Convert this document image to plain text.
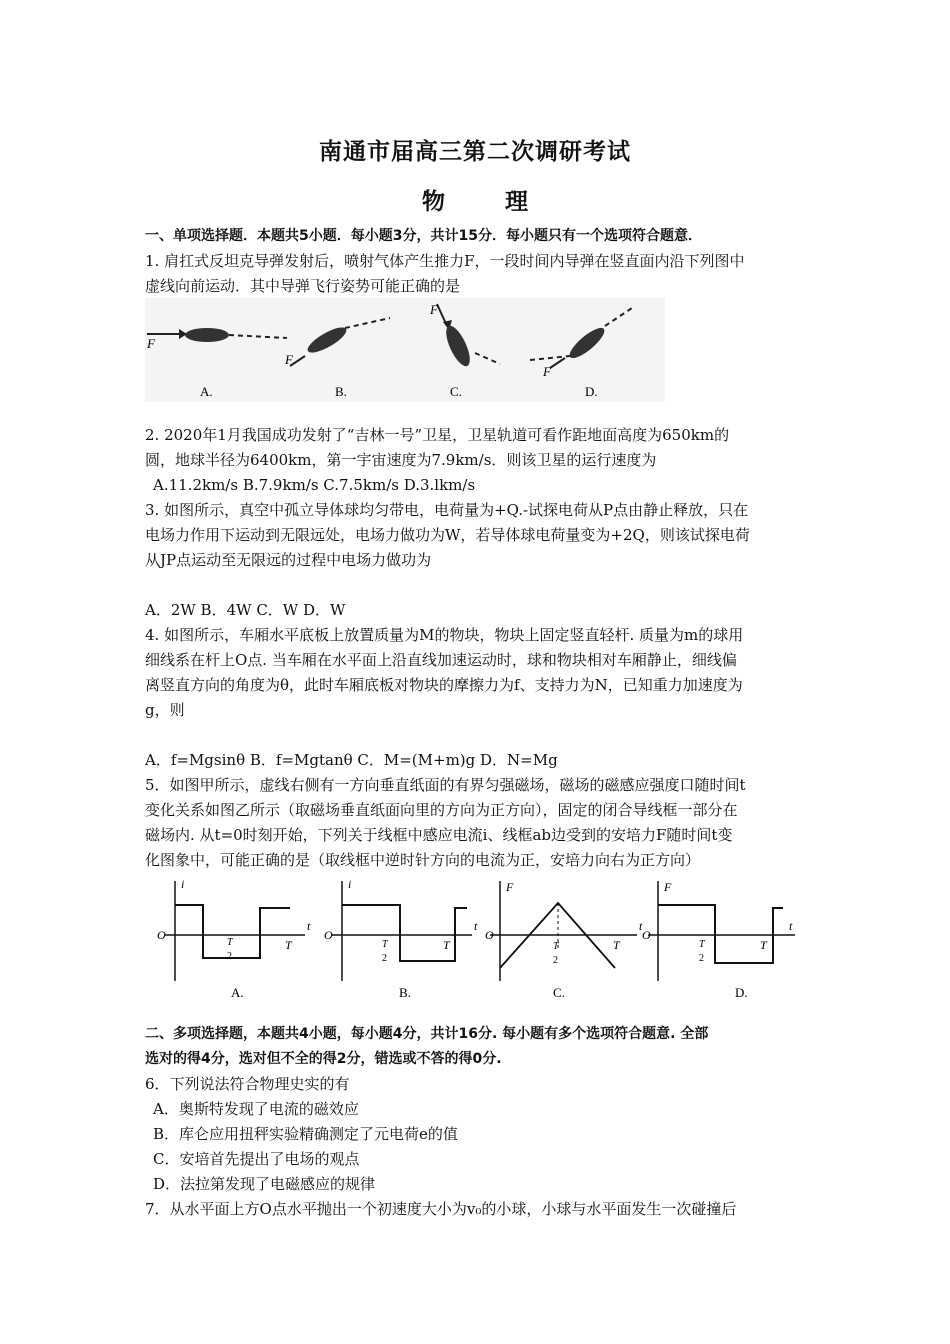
南通市届高三第二次调研考试
物 理
一、单项选择题．本题共5小题．每小题3分，共计15分．每小题只有一个选项符合题意．
1. 肩扛式反坦克导弹发射后，喷射气体产生推力F，一段时间内导弹在竖直面内沿下列图中
虚线向前运动．其中导弹飞行姿势可能正确的是
F
F
F
F
A.	B.	C.	D.
2. 2020年1月我国成功发射了“吉林一号”卫星，卫星轨道可看作距地面高度为650km的
圆，地球半径为6400km，第一宇宙速度为7.9km/s．则该卫星的运行速度为
A.11.2km/s B.7.9km/s C.7.5km/s D.3.lkm/s
3. 如图所示，真空中孤立导体球均匀带电，电荷量为+Q.-试探电荷从P点由静止释放，只在
电场力作用下运动到无限远处，电场力做功为W，若导体球电荷量变为+2Q，则该试探电荷
从JP点运动至无限远的过程中电场力做功为
A．2W B．4W C．W D．W
4. 如图所示，车厢水平底板上放置质量为M的物块，物块上固定竖直轻杆. 质量为m的球用
细线系在杆上O点. 当车厢在水平面上沿直线加速运动时，球和物块相对车厢静止，细线偏
离竖直方向的角度为θ，此时车厢底板对物块的摩擦力为f、支持力为N，已知重力加速度为
g，则
A．f=Mgsinθ B．f=Mgtanθ C．M=(M+m)g D．N=Mg
5．如图甲所示，虚线右侧有一方向垂直纸面的有界匀强磁场，磁场的磁感应强度口随时间t
变化关系如图乙所示（取磁场垂直纸面向里的方向为正方向），固定的闭合导线框一部分在
磁场内. 从t=0时刻开始，下列关于线框中感应电流i、线框ab边受到的安培力F随时间t变
化图象中，可能正确的是（取线框中逆时针方向的电流为正，安培力向右为正方向）
i
O
t
T
2
T
A.
i
O
t
T
2
T
B.
F
O
t
T
2
T
C.
F
O
t
T
2
T
D.
二、多项选择题，本题共4小题，每小题4分，共计16分. 每小题有多个选项符合题意. 全部
选对的得4分，选对但不全的得2分，错选或不答的得0分.
6．下列说法符合物理史实的有
A．奥斯特发现了电流的磁效应
B．库仑应用扭秤实验精确测定了元电荷e的值
C．安培首先提出了电场的观点
D．法拉第发现了电磁感应的规律
7．从水平面上方O点水平抛出一个初速度大小为v₀的小球，小球与水平面发生一次碰撞后
